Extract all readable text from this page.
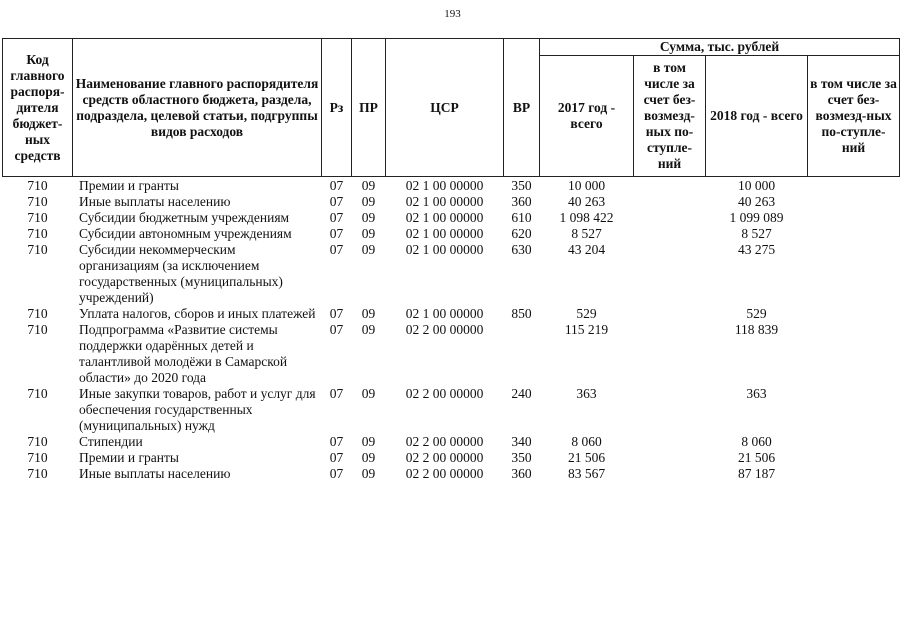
193
Код главного распоря-дителя бюджет-ных средств	Наименование главного распорядителя средств областного бюджета, раздела, подраздела, целевой статьи, подгруппы видов расходов	Рз	ПР	ЦСР	ВР	Сумма, тыс. рублей			
						2017 год - всего	в том числе за счет без-возмезд-ных по-ступле-ний	2018 год - всего	в том числе за счет без-возмезд-ных по-ступле-ний
710	Премии и гранты	07	09	02 1 00 00000	350	10 000		10 000	
710	Иные выплаты населению	07	09	02 1 00 00000	360	40 263		40 263	
710	Субсидии бюджетным учреждениям	07	09	02 1 00 00000	610	1 098 422		1 099 089	
710	Субсидии автономным учреждениям	07	09	02 1 00 00000	620	8 527		8 527	
710	Субсидии некоммерческим организациям (за исключением государственных (муниципальных) учреждений)	07	09	02 1 00 00000	630	43 204		43 275	
710	Уплата налогов, сборов и иных платежей	07	09	02 1 00 00000	850	529		529	
710	Подпрограмма «Развитие системы поддержки одарённых детей и талантливой молодёжи в Самарской области» до 2020 года	07	09	02 2 00 00000		115 219		118 839	
710	Иные закупки товаров, работ и услуг для обеспечения государственных (муниципальных) нужд	07	09	02 2 00 00000	240	363		363	
710	Стипендии	07	09	02 2 00 00000	340	8 060		8 060	
710	Премии и гранты	07	09	02 2 00 00000	350	21 506		21 506	
710	Иные выплаты населению	07	09	02 2 00 00000	360	83 567		87 187	
